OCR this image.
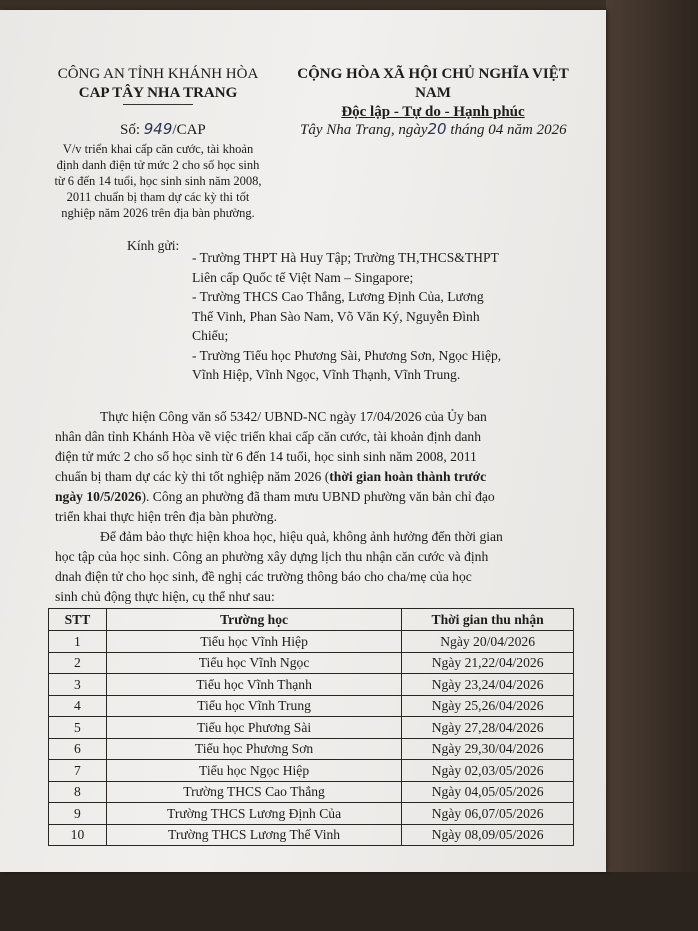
CÔNG AN TỈNH KHÁNH HÒA
CAP TÂY NHA TRANG
CỘNG HÒA XÃ HỘI CHỦ NGHĨA VIỆT NAM
Độc lập - Tự do - Hạnh phúc
Số: 949/CAP	Tây Nha Trang, ngày20 tháng 04 năm 2026
V/v triển khai cấp căn cước, tài khoản
định danh điện tử mức 2 cho số học sinh
từ 6 đến 14 tuổi, học sinh sinh năm 2008,
2011 chuẩn bị tham dự các kỳ thi tốt
nghiệp năm 2026 trên địa bàn phường.
Kính gửi:
- Trường THPT Hà Huy Tập; Trường TH,THCS&THPT
Liên cấp Quốc tế Việt Nam – Singapore;
- Trường THCS Cao Thắng, Lương Định Của, Lương
Thế Vinh, Phan Sào Nam, Võ Văn Ký, Nguyễn Đình
Chiểu;
- Trường Tiểu học Phương Sài, Phương Sơn, Ngọc Hiệp,
Vĩnh Hiệp, Vĩnh Ngọc, Vĩnh Thạnh, Vĩnh Trung.
Thực hiện Công văn số 5342/ UBND-NC ngày 17/04/2026 của Ủy ban
nhân dân tỉnh Khánh Hòa về việc triển khai cấp căn cước, tài khoản định danh
điện tử mức 2 cho số học sinh từ 6 đến 14 tuổi, học sinh sinh năm 2008, 2011
chuẩn bị tham dự các kỳ thi tốt nghiệp năm 2026 (thời gian hoàn thành trước
ngày 10/5/2026). Công an phường đã tham mưu UBND phường văn bản chỉ đạo
triển khai thực hiện trên địa bàn phường.
Để đảm bảo thực hiện khoa học, hiệu quả, không ảnh hưởng đến thời gian
học tập của học sinh. Công an phường xây dựng lịch thu nhận căn cước và định
dnah điện tử cho học sinh, đề nghị các trường thông báo cho cha/mẹ của học
sinh chủ động thực hiện, cụ thể như sau:
STT	Trường học	Thời gian thu nhận
1	Tiểu học Vĩnh Hiệp	Ngày 20/04/2026
2	Tiểu học Vĩnh Ngọc	Ngày 21,22/04/2026
3	Tiểu học Vĩnh Thạnh	Ngày 23,24/04/2026
4	Tiểu học Vĩnh Trung	Ngày 25,26/04/2026
5	Tiểu học Phương Sài	Ngày 27,28/04/2026
6	Tiểu học Phương Sơn	Ngày 29,30/04/2026
7	Tiểu học Ngọc Hiệp	Ngày 02,03/05/2026
8	Trường THCS Cao Thắng	Ngày 04,05/05/2026
9	Trường THCS Lương Định Của	Ngày 06,07/05/2026
10	Trường THCS Lương Thế Vinh	Ngày 08,09/05/2026
